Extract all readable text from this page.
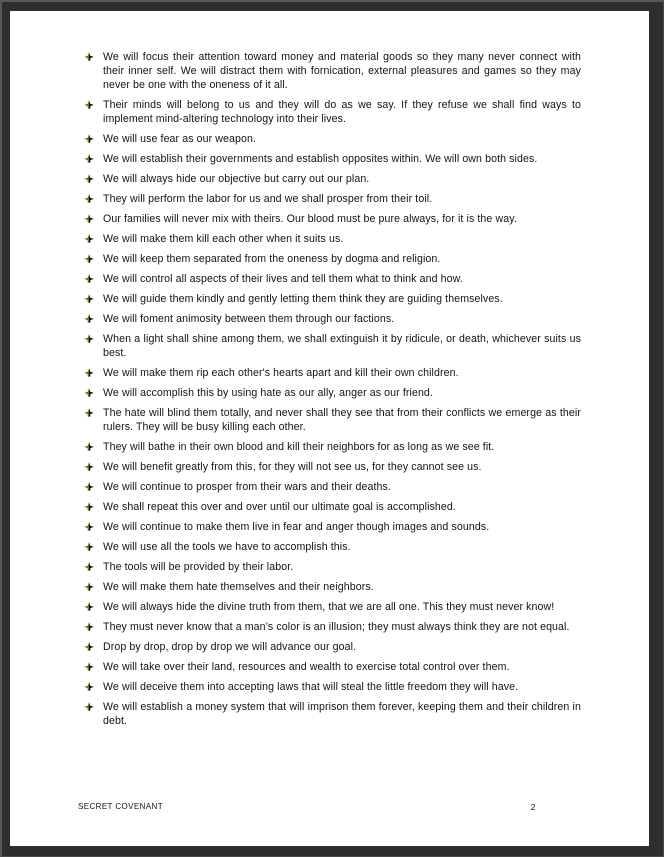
We will focus their attention toward money and material goods so they many never connect with their inner self. We will distract them with fornication, external pleasures and games so they may never be one with the oneness of it all.
Their minds will belong to us and they will do as we say. If they refuse we shall find ways to implement mind-altering technology into their lives.
We will use fear as our weapon.
We will establish their governments and establish opposites within. We will own both sides.
We will always hide our objective but carry out our plan.
They will perform the labor for us and we shall prosper from their toil.
Our families will never mix with theirs. Our blood must be pure always, for it is the way.
We will make them kill each other when it suits us.
We will keep them separated from the oneness by dogma and religion.
We will control all aspects of their lives and tell them what to think and how.
We will guide them kindly and gently letting them think they are guiding themselves.
We will foment animosity between them through our factions.
When a light shall shine among them, we shall extinguish it by ridicule, or death, whichever suits us best.
We will make them rip each other's hearts apart and kill their own children.
We will accomplish this by using hate as our ally, anger as our friend.
The hate will blind them totally, and never shall they see that from their conflicts we emerge as their rulers. They will be busy killing each other.
They will bathe in their own blood and kill their neighbors for as long as we see fit.
We will benefit greatly from this, for they will not see us, for they cannot see us.
We will continue to prosper from their wars and their deaths.
We shall repeat this over and over until our ultimate goal is accomplished.
We will continue to make them live in fear and anger though images and sounds.
We will use all the tools we have to accomplish this.
The tools will be provided by their labor.
We will make them hate themselves and their neighbors.
We will always hide the divine truth from them, that we are all one. This they must never know!
They must never know that a man’s color is an illusion; they must always think they are not equal.
Drop by drop, drop by drop we will advance our goal.
We will take over their land, resources and wealth to exercise total control over them.
We will deceive them into accepting laws that will steal the little freedom they will have.
We will establish a money system that will imprison them forever, keeping them and their children in debt.
SECRET COVENANT	2
